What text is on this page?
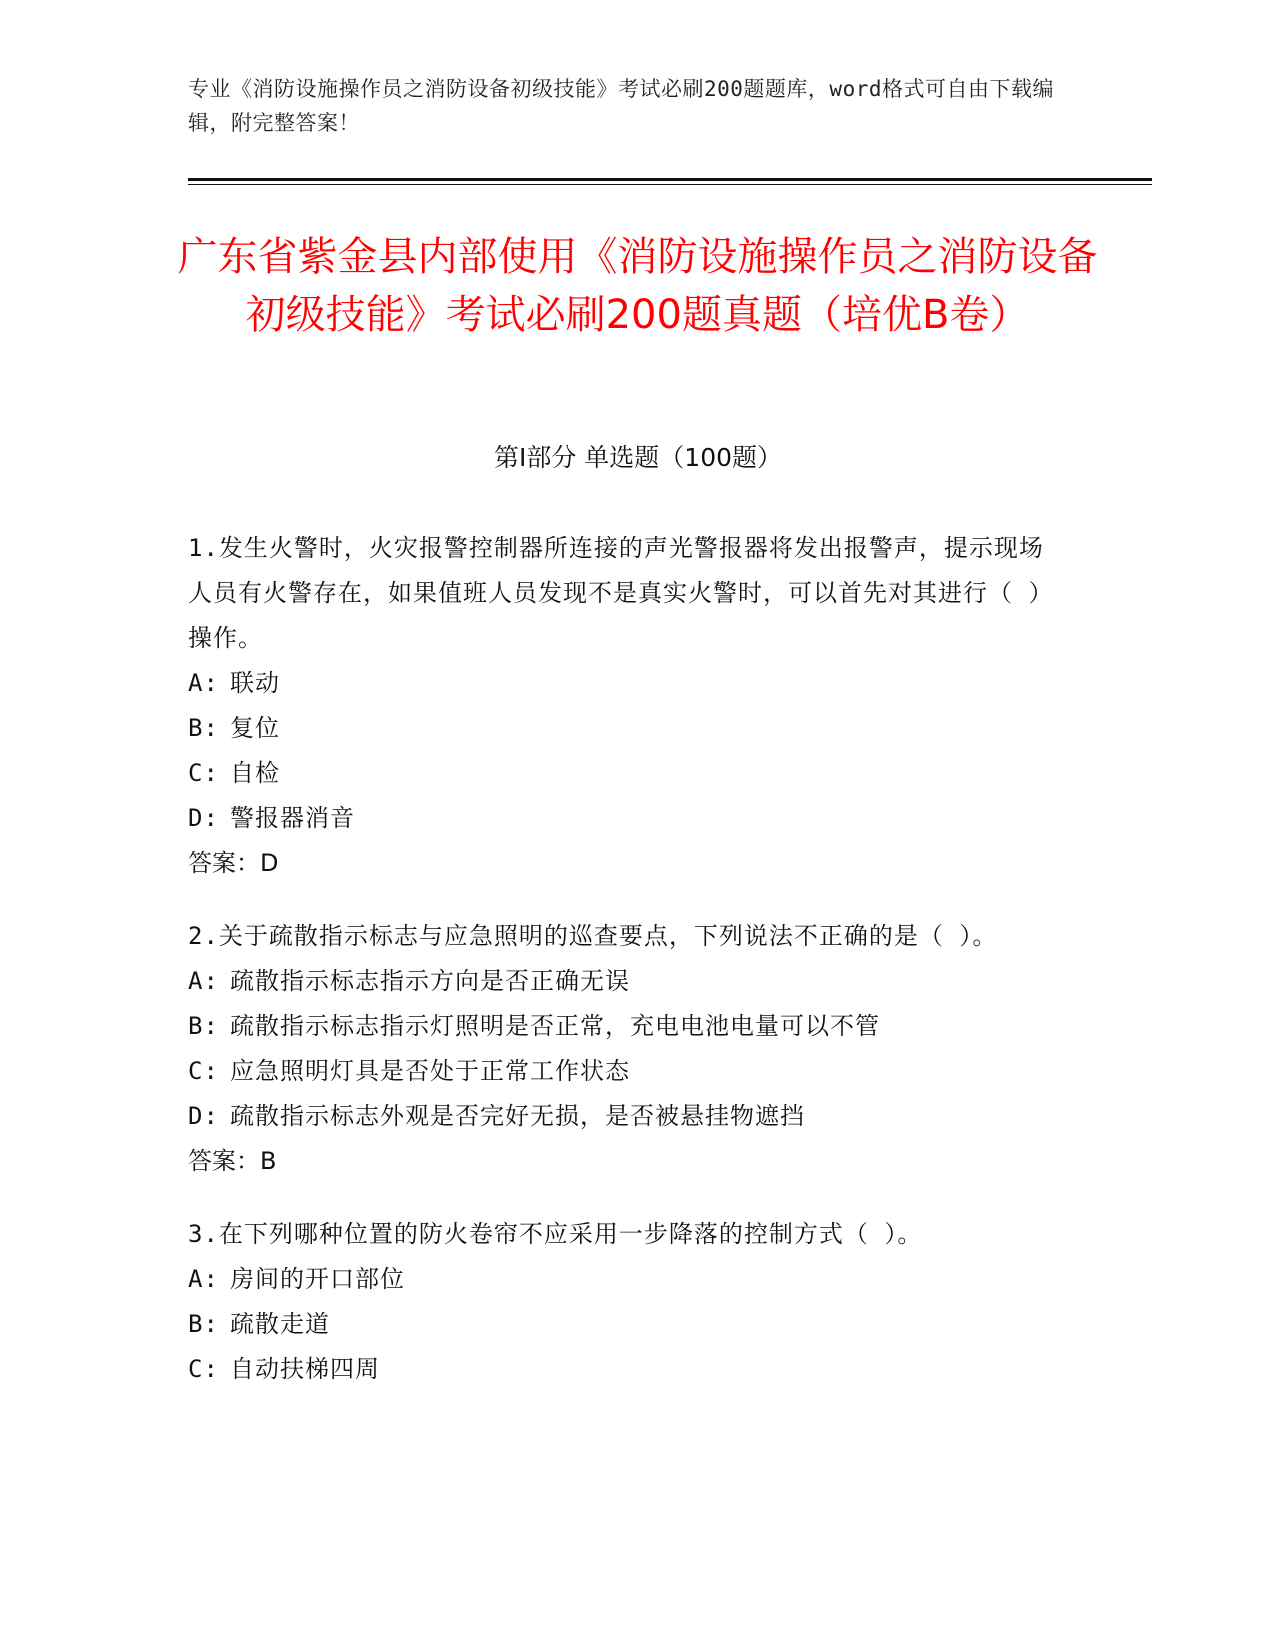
专业《消防设施操作员之消防设备初级技能》考试必刷200题题库，word格式可自由下载编辑，附完整答案！
广东省紫金县内部使用《消防设施操作员之消防设备初级技能》考试必刷200题真题（培优B卷）
第Ⅰ部分 单选题（100题）
1.发生火警时，火灾报警控制器所连接的声光警报器将发出报警声，提示现场人员有火警存在，如果值班人员发现不是真实火警时，可以首先对其进行（ ）操作。
A: 联动
B: 复位
C: 自检
D: 警报器消音
答案：D
2.关于疏散指示标志与应急照明的巡查要点，下列说法不正确的是（ ）。
A: 疏散指示标志指示方向是否正确无误
B: 疏散指示标志指示灯照明是否正常，充电电池电量可以不管
C: 应急照明灯具是否处于正常工作状态
D: 疏散指示标志外观是否完好无损，是否被悬挂物遮挡
答案：B
3.在下列哪种位置的防火卷帘不应采用一步降落的控制方式（ ）。
A: 房间的开口部位
B: 疏散走道
C: 自动扶梯四周
